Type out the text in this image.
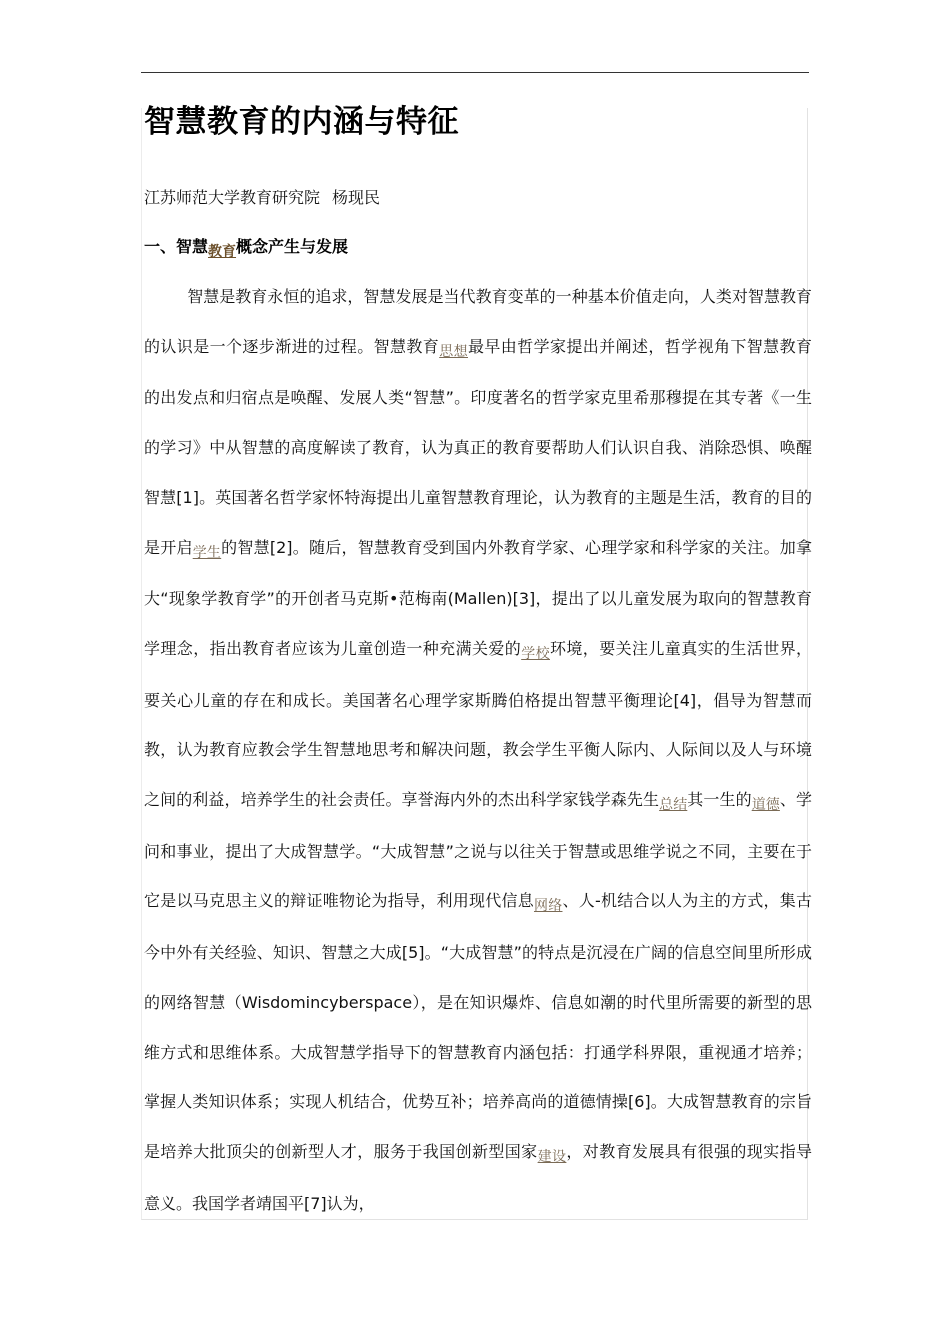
智慧教育的内涵与特征

江苏师范大学教育研究院 杨现民

一、智慧教育概念产生与发展

智慧是教育永恒的追求，智慧发展是当代教育变革的一种基本价值走向，人类对智慧教育的认识是一个逐步渐进的过程。智慧教育思想最早由哲学家提出并阐述，哲学视角下智慧教育的出发点和归宿点是唤醒、发展人类“智慧”。印度著名的哲学家克里希那穆提在其专著《一生的学习》中从智慧的高度解读了教育，认为真正的教育要帮助人们认识自我、消除恐惧、唤醒智慧[1]。英国著名哲学家怀特海提出儿童智慧教育理论，认为教育的主题是生活，教育的目的是开启学生的智慧[2]。随后，智慧教育受到国内外教育学家、心理学家和科学家的关注。加拿大“现象学教育学”的开创者马克斯•范梅南(Mallen)[3]，提出了以儿童发展为取向的智慧教育学理念，指出教育者应该为儿童创造一种充满关爱的学校环境，要关注儿童真实的生活世界，要关心儿童的存在和成长。美国著名心理学家斯腾伯格提出智慧平衡理论[4]，倡导为智慧而教，认为教育应教会学生智慧地思考和解决问题，教会学生平衡人际内、人际间以及人与环境之间的利益，培养学生的社会责任。享誉海内外的杰出科学家钱学森先生总结其一生的道德、学问和事业，提出了大成智慧学。“大成智慧”之说与以往关于智慧或思维学说之不同，主要在于它是以马克思主义的辩证唯物论为指导，利用现代信息网络、人-机结合以人为主的方式，集古今中外有关经验、知识、智慧之大成[5]。“大成智慧”的特点是沉浸在广阔的信息空间里所形成的网络智慧（Wisdomincyberspace），是在知识爆炸、信息如潮的时代里所需要的新型的思维方式和思维体系。大成智慧学指导下的智慧教育内涵包括：打通学科界限，重视通才培养；掌握人类知识体系；实现人机结合，优势互补；培养高尚的道德情操[6]。大成智慧教育的宗旨是培养大批顶尖的创新型人才，服务于我国创新型国家建设，对教育发展具有很强的现实指导意义。我国学者靖国平[7]认为，
